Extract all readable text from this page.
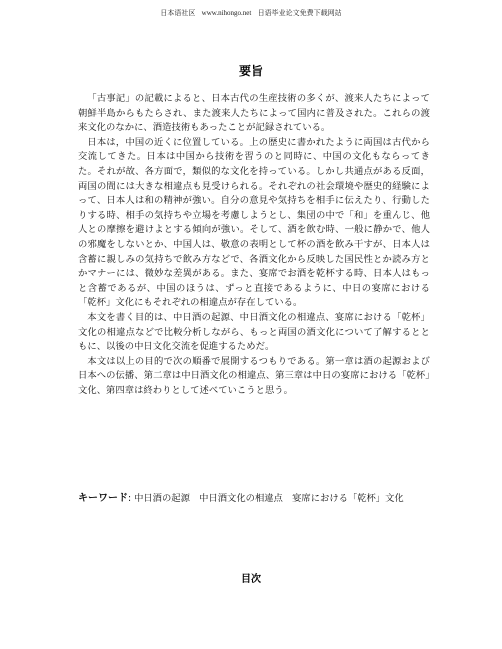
日本语社区 www.nihongo.net 日语毕业论文免费下载网站
要旨

「古事記」の記載によると、日本古代の生産技術の多くが、渡来人たちによって朝鮮半島からもたらされ、また渡来人たちによって国内に普及された。これらの渡来文化のなかに、酒造技術もあったことが記録されている。

日本は，中国の近くに位置している。上の歴史に書かれたように両国は古代から交流してきた。日本は中国から技術を習うのと同時に、中国の文化もならってきた。それが故、各方面で，類似的な文化を持っている。しかし共通点がある反面，両国の間には大きな相違点も見受けられる。それぞれの社会環境や歴史的経験によって、日本人は和の精神が強い。自分の意見や気持ちを相手に伝えたり、行動したりする時、相手の気持ちや立場を考慮しようとし、集団の中で「和」を重んじ、他人との摩擦を避けよとする傾向が強い。そして、酒を飲む時、一般に静かで、他人の邪魔をしないとか、中国人は、敬意の表明として杯の酒を飲み干すが、日本人は含蓄に親しみの気持ちで飲み方などで、各酒文化から反映した国民性とか読み方とかマナーには、微妙な差異がある。また、宴席でお酒を乾杯する時、日本人はもっと含蓄であるが、中国のほうは、ずっと直接であるように、中日の宴席における「乾杯」文化にもそれぞれの相違点が存在している。

本文を書く目的は、中日酒の起源、中日酒文化の相違点、宴席における「乾杯」文化の相違点などで比較分析しながら、もっと両国の酒文化について了解するとともに、以後の中日文化交流を促進するためだ。

本文は以上の目的で次の順番で展開するつもりである。第一章は酒の起源および日本への伝播、第二章は中日酒文化の相違点、第三章は中日の宴席における「乾杯」文化、第四章は終わりとして述べていこうと思う。

キーワード: 中日酒の起源　中日酒文化の相違点　宴席における「乾杯」文化
目次
